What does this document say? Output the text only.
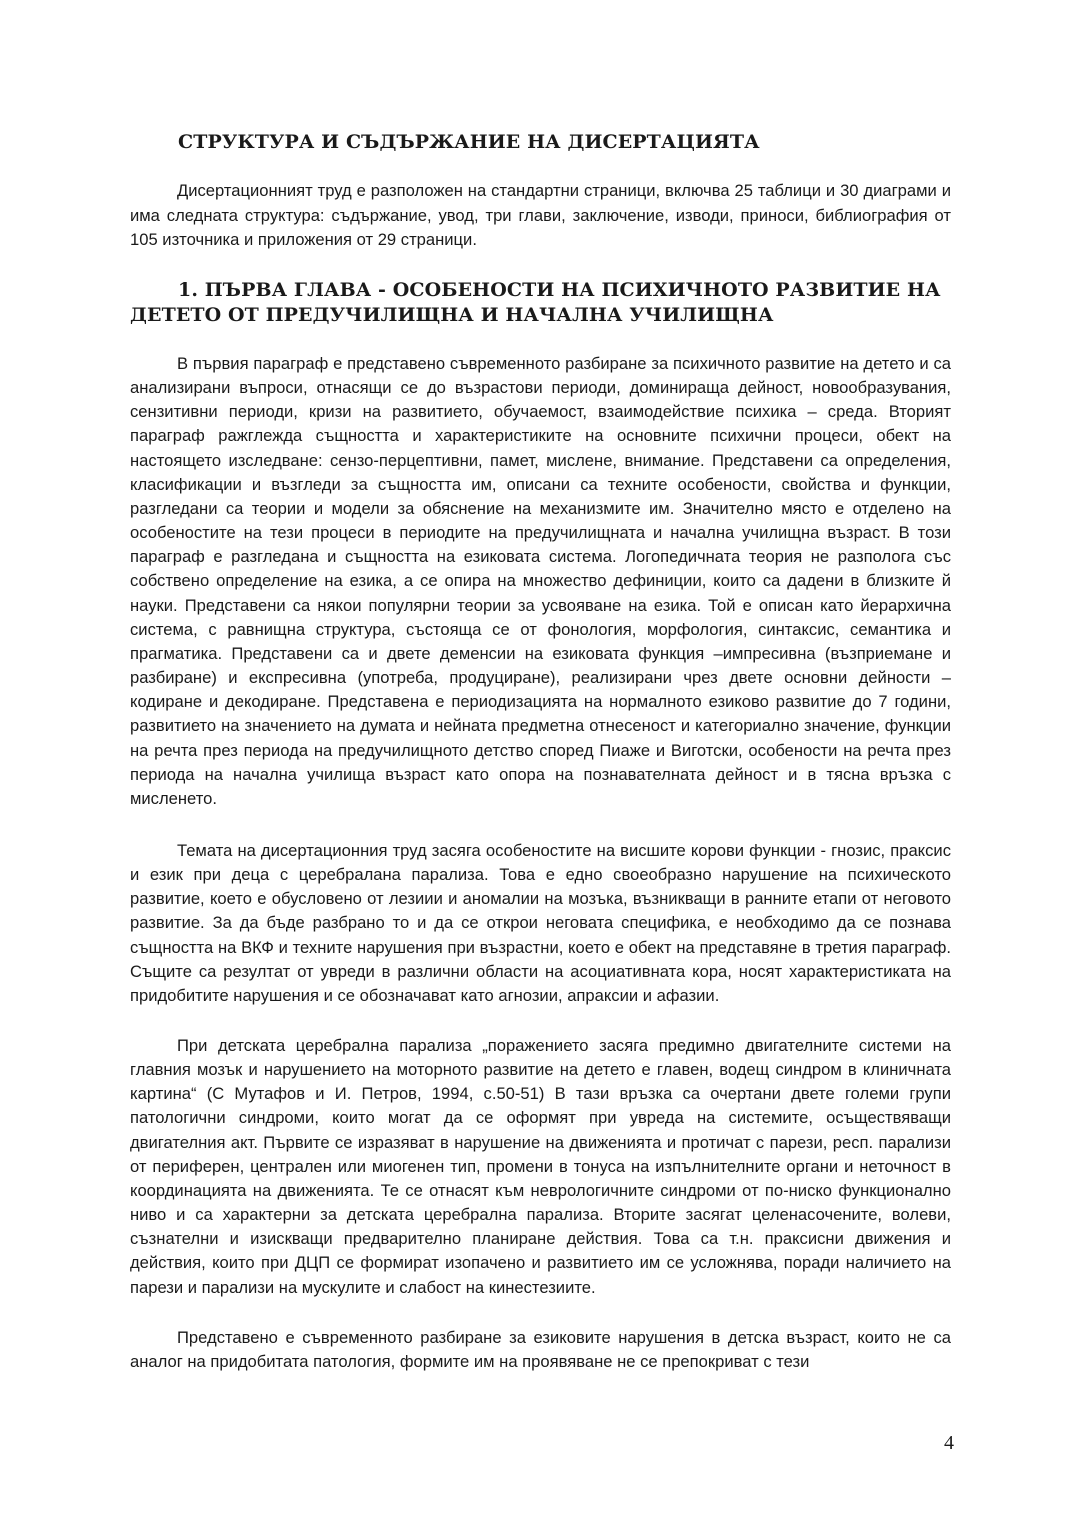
СТРУКТУРА И СЪДЪРЖАНИЕ НА ДИСЕРТАЦИЯТА

Дисертационният труд е разположен на стандартни страници, включва 25 таблици и 30 диаграми и има следната структура: съдържание, увод, три глави, заключение, изводи, приноси, библиография от 105 източника и приложения от 29 страници.

1. ПЪРВА ГЛАВА - ОСОБЕНОСТИ НА ПСИХИЧНОТО РАЗВИТИЕ НА
ДЕТЕТО ОТ ПРЕДУЧИЛИЩНА И НАЧАЛНА УЧИЛИЩНА

В първия параграф е представено съвременното разбиране за психичното развитие на детето и са анализирани въпроси, отнасящи се до възрастови периоди, доминираща дейност, новообразувания, сензитивни периоди, кризи на развитието, обучаемост, взаимодействие психика – среда. Вторият параграф ражглежда същността и характеристиките на основните психични процеси, обект на настоящето изследване: сензо-перцептивни, памет, мислене, внимание. Представени са определения, класификации и възгледи за същността им, описани са техните особености, свойства и функции, разгледани са теории и модели за обяснение на механизмите им. Значително място е отделено на особеностите на тези процеси в периодите на предучилищната и начална училищна възраст. В този параграф е разгледана и същността на езиковата система. Логопедичната теория не разполога със собствено определение на езика, а се опира на множество дефиниции, които са дадени в близките й науки. Представени са някои популярни теории за усвояване на езика. Той е описан като йерархична система, с равнищна структура, състояща се от фонология, морфология, синтаксис, семантика и прагматика. Представени са и двете деменсии на езиковата функция –импресивна (възприемане и разбиране) и експресивна (употреба, продуциране), реализирани чрез двете основни дейности –кодиране и декодиране. Представена е периодизацията на нормалното езиково развитие до 7 години, развитието на значението на думата и нейната предметна отнесеност и категориално значение, функции на речта през периода на предучилищното детство според Пиаже и Виготски, особености на речта през периода на начална училища възраст като опора на познавателната дейност и в тясна връзка с мисленето.

Темата на дисертационния труд засяга особеностите на висшите корови функции - гнозис, праксис и език при деца с церебралана парализа. Това е едно своеобразно нарушение на психическото развитие, което е обусловено от лезиии и аномалии на мозъка, възникващи в ранните етапи от неговото развитие. За да бъде разбрано то и да се открои неговата специфика, е необходимо да се познава същността на ВКФ и техните нарушения при възрастни, което е обект на представяне в третия параграф. Същите са резултат от увреди в различни области на асоциативната кора, носят характеристиката на придобитите нарушения и се обозначават като агнозии, апраксии и афазии.

При детската церебрална парализа „поражението засяга предимно двигателните системи на главния мозък и нарушението на моторното развитие на детето е главен, водещ синдром в клиничната картина“ (С Мутафов и И. Петров, 1994, с.50-51) В тази връзка са очертани двете големи групи патологични синдроми, които могат да се оформят при увреда на системите, осъществяващи двигателния акт. Първите се изразяват в нарушение на движенията и протичат с парези, респ. парализи от периферен, централен или миогенен тип, промени в тонуса на изпълнителните органи и неточност в координацията на движенията. Те се отнасят към неврологичните синдроми от по-ниско функционално ниво и са характерни за детската церебрална парализа. Вторите засягат целенасочените, волеви, съзнателни и изискващи предварително планиране действия. Това са т.н. праксисни движения и действия, които при ДЦП се формират изопачено и развитието им се усложнява, поради наличието на парези и парализи на мускулите и слабост на кинестезиите.

Представено е съвременното разбиране за езиковите нарушения в детска възраст, които не са аналог на придобитата патология, формите им на проявяване не се препокриват с тези

4
